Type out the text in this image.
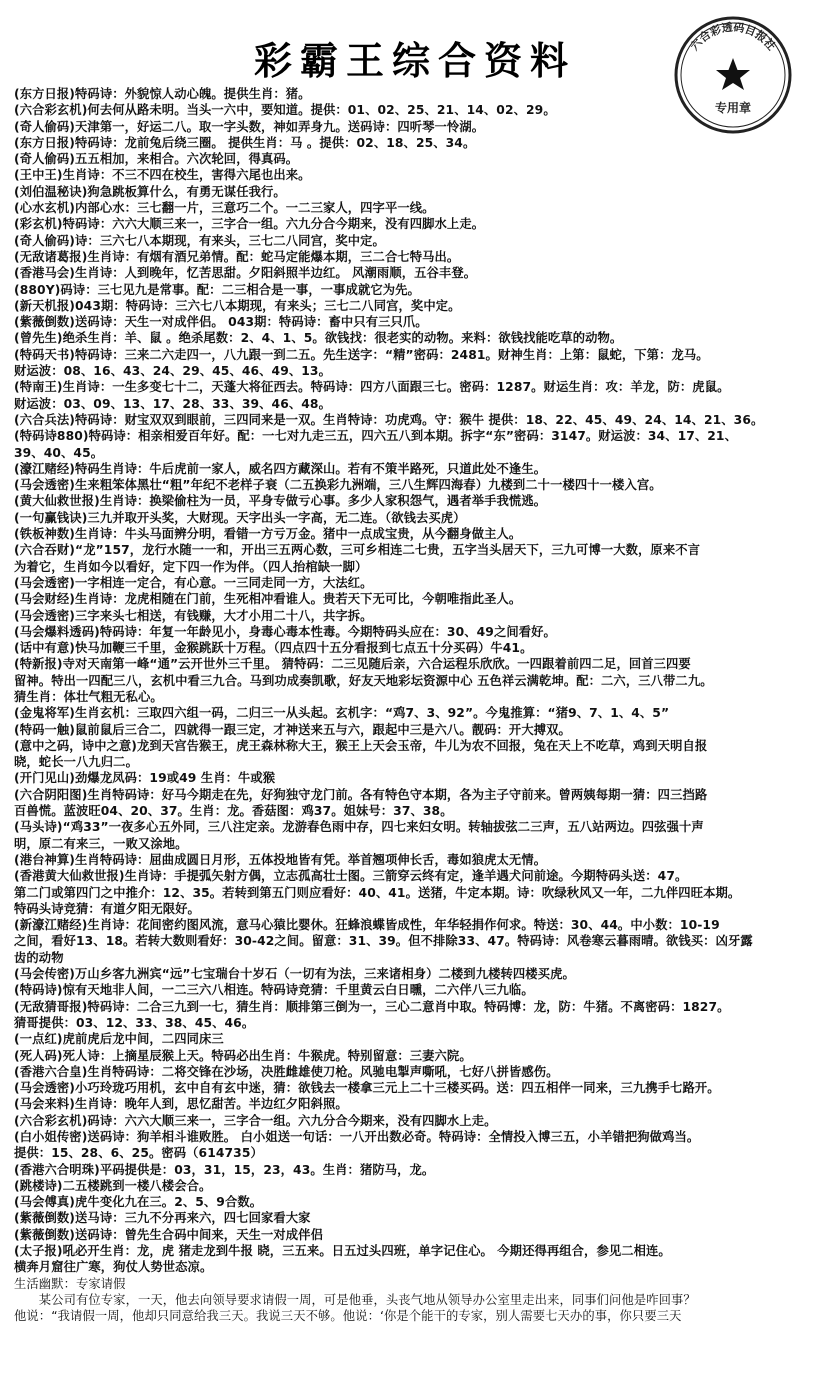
彩霸王综合资料	六合彩透码目报社
专用章
(东方日报)特码诗：外貌惊人动心魄。提供生肖：猪。
(六合彩玄机)何去何从路未明。当头一六中，要知道。提供：01、02、25、21、14、02、29。
(奇人偷码)天津第一，好运二八。取一字头数，神如弄身九。送码诗：四听琴一怜湖。
(东方日报)特码诗：龙前兔后绕三圈。 提供生肖：马 。提供：02、18、25、34。
(奇人偷码)五五相加，来相合。六次轮回，得真码。
(王中王)生肖诗：不三不四在校生，害得六尾也出来。
(刘伯温秘诀)狗急跳板算什么，有勇无谋任我行。
(心水玄机)内部心水：三七翻一片，三意巧二个。一二三家人，四字平一线。
(彩玄机)特码诗：六六大顺三来一，三字合一组。六九分合今期来，没有四脚水上走。
(奇人偷码)诗：三六七八本期现，有来头，三七二八同宫，奖中定。
(无敌诸葛报)生肖诗：有烟有酒兄弟情。配：蛇马定能爆本期，三二合七特马出。
(香港马会)生肖诗：人到晚年，忆苦思甜。夕阳斜照半边红。 风潮雨顺，五谷丰登。
(880Y)码诗：三七见九是常事。配：二三相合是一事，一事成就它为先。
(新天机报)043期：特码诗：三六七八本期现，有来头；三七二八同宫，奖中定。
(紫薇倒数)送码诗：天生一对成伴侣。 043期：特码诗：畜中只有三只爪。
(曾先生)绝杀生肖：羊、鼠 。绝杀尾数：2、4、1、5。欲钱找：很老实的动物。来料：欲钱找能吃草的动物。
(特码天书)特码诗：三来二六走四一，八九跟一到二五。先生送字：“精”密码：2481。财神生肖：上第：鼠蛇，下第：龙马。
财运波：08、16、43、24、29、45、46、49、13。
(特南王)生肖诗：一生多变七十二，天蓬大将征西去。特码诗：四方八面跟三七。密码：1287。财运生肖：攻：羊龙，防：虎鼠。
财运波：03、09、13、17、28、33、39、46、48。
(六合兵法)特码诗：财宝双双到眼前，三四同来是一双。生肖特诗：功虎鸡。守：猴牛 提供：18、22、45、49、24、14、21、36。
(特码诗880)特码诗：相亲相爱百年好。配：一七对九走三五，四六五八到本期。拆字“东”密码：3147。财运波：34、17、21、
39、40、45。
(濠江赌经)特码生肖诗：牛后虎前一家人，威名四方藏深山。若有不策半路死，只道此处不逢生。
(马会透密)生来粗笨体黑壮“粗”年纪不老样子衰（二五换彩九洲端，三八生辉四海春）九楼到二十一楼四十一楼入宫。
(黄大仙救世报)生肖诗：换梁偷柱为一员，平身专做亏心事。多少人家积怨气，遇者举手我慌逃。
(一句赢钱诀)三九并取开头奖，大财现。天字出头一字高，无二连。（欲钱去买虎）
(铁板神数)生肖诗：牛头马面辨分明，看错一方亏万金。猪中一点成宝贵，从今翻身做主人。
(六合吞财)“龙”157，龙行水随一一和，开出三五两心数，三可乡相连二七贵，五字当头居天下，三九可博一大数，原来不言
为着它，生肖如今以看好，定下四一作为伴。（四人抬棺缺一脚）
(马会透密)一字相连一定合，有心意。一三同走同一方，大法红。
(马会财经)生肖诗：龙虎相随在门前，生死相冲看谁人。贵若天下无可比，今朝唯指此圣人。
(马会透密)三字来头七相送，有钱赚，大才小用二十八，共字拆。
(马会爆料透码)特码诗：年复一年龄见小，身毒心毒本性毒。今期特码头应在：30、49之间看好。
(话中有意)快马加鞭三千里，金猴跳跃十万程。（四点四十五分看报到七点五十分买码）牛41。
(特新报)寺对天南第一峰“通”云开世外三千里。 猜特码：二三见随后亲，六合运程乐欣欣。一四跟着前四二足，回首三四要
留神。特出一四配三八，玄机中看三九合。马到功成奏凯歌，好友天地彩坛资源中心 五色祥云满乾坤。配：二六，三八带二九。
猜生肖：体壮气粗无私心。
(金鬼将军)生肖玄机：三取四六组一码，二归三一从头起。玄机字：“鸡7、3、92”。今鬼推算：“猪9、7、1、4、5”
(特码一触)鼠前鼠后三合二，四就得一跟三定，才神送来五与六，跟起中三是六八。靓码：开大搏双。
(意中之码，诗中之意)龙到天宫告猴王，虎王森林称大王，猴王上天会玉帝，牛儿为农不回报，兔在天上不吃草，鸡到天明自报
晓，蛇长一八九归二。
(开门见山)劲爆龙凤码：19或49 生肖：牛或猴
(六合阴阳图)生肖特码诗：好马今期走在先，好狗独守龙门前。各有特色守本期，各为主子守前来。曾两姨每期一猜：四三挡路
百兽慌。蓝波旺04、20、37。生肖：龙。香菇图：鸡37。姐妹号：37、38。
(马头诗)“鸡33”一夜多心五外同，三八注定亲。龙游春色雨中存，四七来妇女明。转轴拔弦二三声，五八站两边。四弦强十声
明，原二有来三，一败又涂地。
(港台神算)生肖特码诗：屈曲成圆日月形，五体投地皆有凭。举首翘项伸长舌，毒如狼虎太无情。
(香港黄大仙救世报)生肖诗：手提弧矢射方偶，立志孤高壮士图。三箭穿云终有定，逢羊遇犬问前途。今期特码头送：47。
第二门或第四门之中推介：12、35。若转到第五门则应看好：40、41。送猪，牛定本期。诗：吹绿秋风又一年，二九伴四旺本期。
特码头诗竞猜：有道夕阳无限好。
(新濠江赌经)生肖诗：花间密约图风流，意马心猿比婴休。狂蜂浪蝶皆成性，年华轻捐作何求。特送：30、44。中小数：10-19
之间，看好13、18。若转大数则看好：30-42之间。留意：31、39。但不排除33、47。特码诗：风卷寒云暮雨晴。欲钱买：凶牙露
齿的动物
(马会传密)万山乡客九洲宾“远”七宝瑞台十岁石（一切有为法，三来诸相身）二楼到九楼转四楼买虎。
(特码诗)惊有天地非人间，一二三六八相连。特码诗竞猜：千里黄云白日曛，二六伴八三九临。
(无敌猜哥报)特码诗：二合三九到一七，猜生肖：顺排第三倒为一，三心二意肖中取。特码博：龙，防：牛猪。不离密码：1827。
猜哥提供：03、12、33、38、45、46。
(一点红)虎前虎后龙中间，二四同床三
(死人码)死人诗：上摘星辰猴上天。特码必出生肖：牛猴虎。特别留意：三妻六院。
(香港六合皇)生肖特码诗：二将交锋在沙场，决胜雌雄使刀枪。风驰电掣声嘶吼，七好八拼皆感伤。
(马会透密)小巧玲珑巧用机，玄中自有玄中迷，猜：欲钱去一楼拿三元上二十三楼买码。送：四五相伴一同来，三九携手七路开。
(马会来料)生肖诗：晚年人到，思忆甜苦。半边红夕阳斜照。
(六合彩玄机)码诗：六六大顺三来一，三字合一组。六九分合今期来，没有四脚水上走。
(白小姐传密)送码诗：狗羊相斗谁败胜。 白小姐送一句话：一八开出数必奇。特码诗：全情投入博三五，小羊错把狗做鸡当。
提供：15、28、6、25。密码（614735）
(香港六合明珠)平码提供是：03，31，15，23，43。生肖：猪防马，龙。
(跳楼诗)二五楼跳到一楼八楼会合。
(马会傅真)虎牛变化九在三。2、5、9合数。
(紫薇倒数)送马诗：三九不分再来六，四七回家看大家
(紫薇倒数)送码诗：曾先生合码中间来，天生一对成伴侣
(太子报)吼必开生肖：龙，虎 猪走龙到牛报 晓，三五来。日五过头四班，单字记住心。 今期还得再组合，参见二相连。
横奔月窟往广寒，狗仗人势世态凉。
生活幽默：专家请假
　　某公司有位专家，一天，他去向领导要求请假一周，可是他垂，头丧气地从领导办公室里走出来，同事们问他是咋回事？
他说：“我请假一周，他却只同意给我三天。我说三天不够。他说：‘你是个能干的专家，别人需要七天办的事，你只要三天
